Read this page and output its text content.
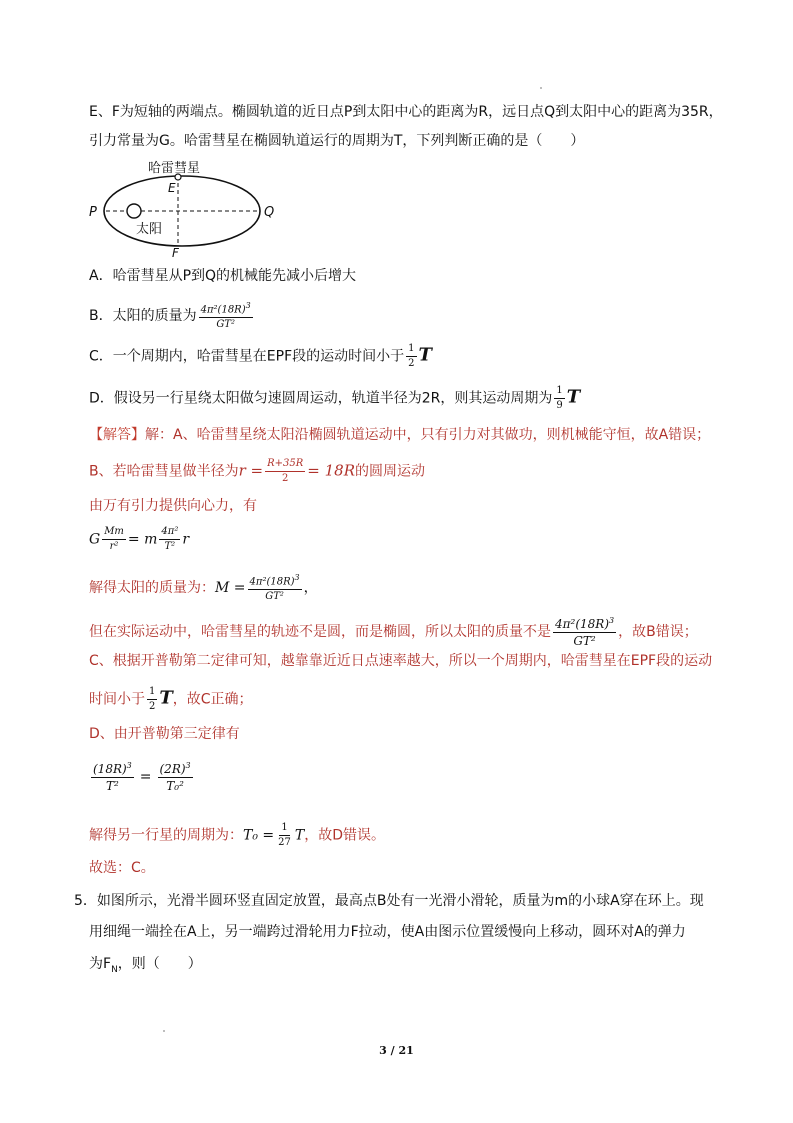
E、F为短轴的两端点。椭圆轨道的近日点P到太阳中心的距离为R，远日点Q到太阳中心的距离为35R，
引力常量为G。哈雷彗星在椭圆轨道运行的周期为T，下列判断正确的是（　　）
哈雷彗星
E
太阳
P	Q
F
A．哈雷彗星从P到Q的机械能先减小后增大
B．太阳的质量为 $\frac{4\pi^2(18R)^3}{\text{GT²}}$
C．一个周期内，哈雷彗星在EPF段的运动时间小于 $\frac{1}{2}$ T
D．假设另一行星绕太阳做匀速圆周运动，轨道半径为2R，则其运动周期为 $\frac{1}{9}$ T
【解答】解：A、哈雷彗星绕太阳沿椭圆轨道运动中，只有引力对其做功，则机械能守恒，故A错误；
B、若哈雷彗星做半径为$r = \frac{R+35R}{2} = 18R$的圆周运动
由万有引力提供向心力，有
G $\frac{Mm}{\text{r²}} = m \frac{\text{4π²}}{\text{T²}}$ r
解得太阳的质量为：$M = \frac{4\pi^2(18R)^3}{\text{GT²}}$ ，
但在实际运动中，哈雷彗星的轨迹不是圆，而是椭圆，所以太阳的质量不是 $\frac{4\pi^2(18R)^3}{\text{GT²}}$ ，故B错误；
C、根据开普勒第二定律可知，越靠靠近近日点速率越大，所以一个周期内，哈雷彗星在EPF段的运动
时间小于 $\frac{1}{2}$ T，故C正确；
D、由开普勒第三定律有
$\frac{(18R)^3}{\text{T²}} = \frac{(2R)^3}{\text{T₀²}}$
解得另一行星的周期为：$T_0 = \frac{1}{27}$ T，故D错误。
故选：C。
5．如图所示，光滑半圆环竖直固定放置，最高点B处有一光滑小滑轮，质量为m的小球A穿在环上。现
用细绳一端拴在A上，另一端跨过滑轮用力F拉动，使A由图示位置缓慢向上移动，圆环对A的弹力
为$F_N$，则（　　）
3 / 21
